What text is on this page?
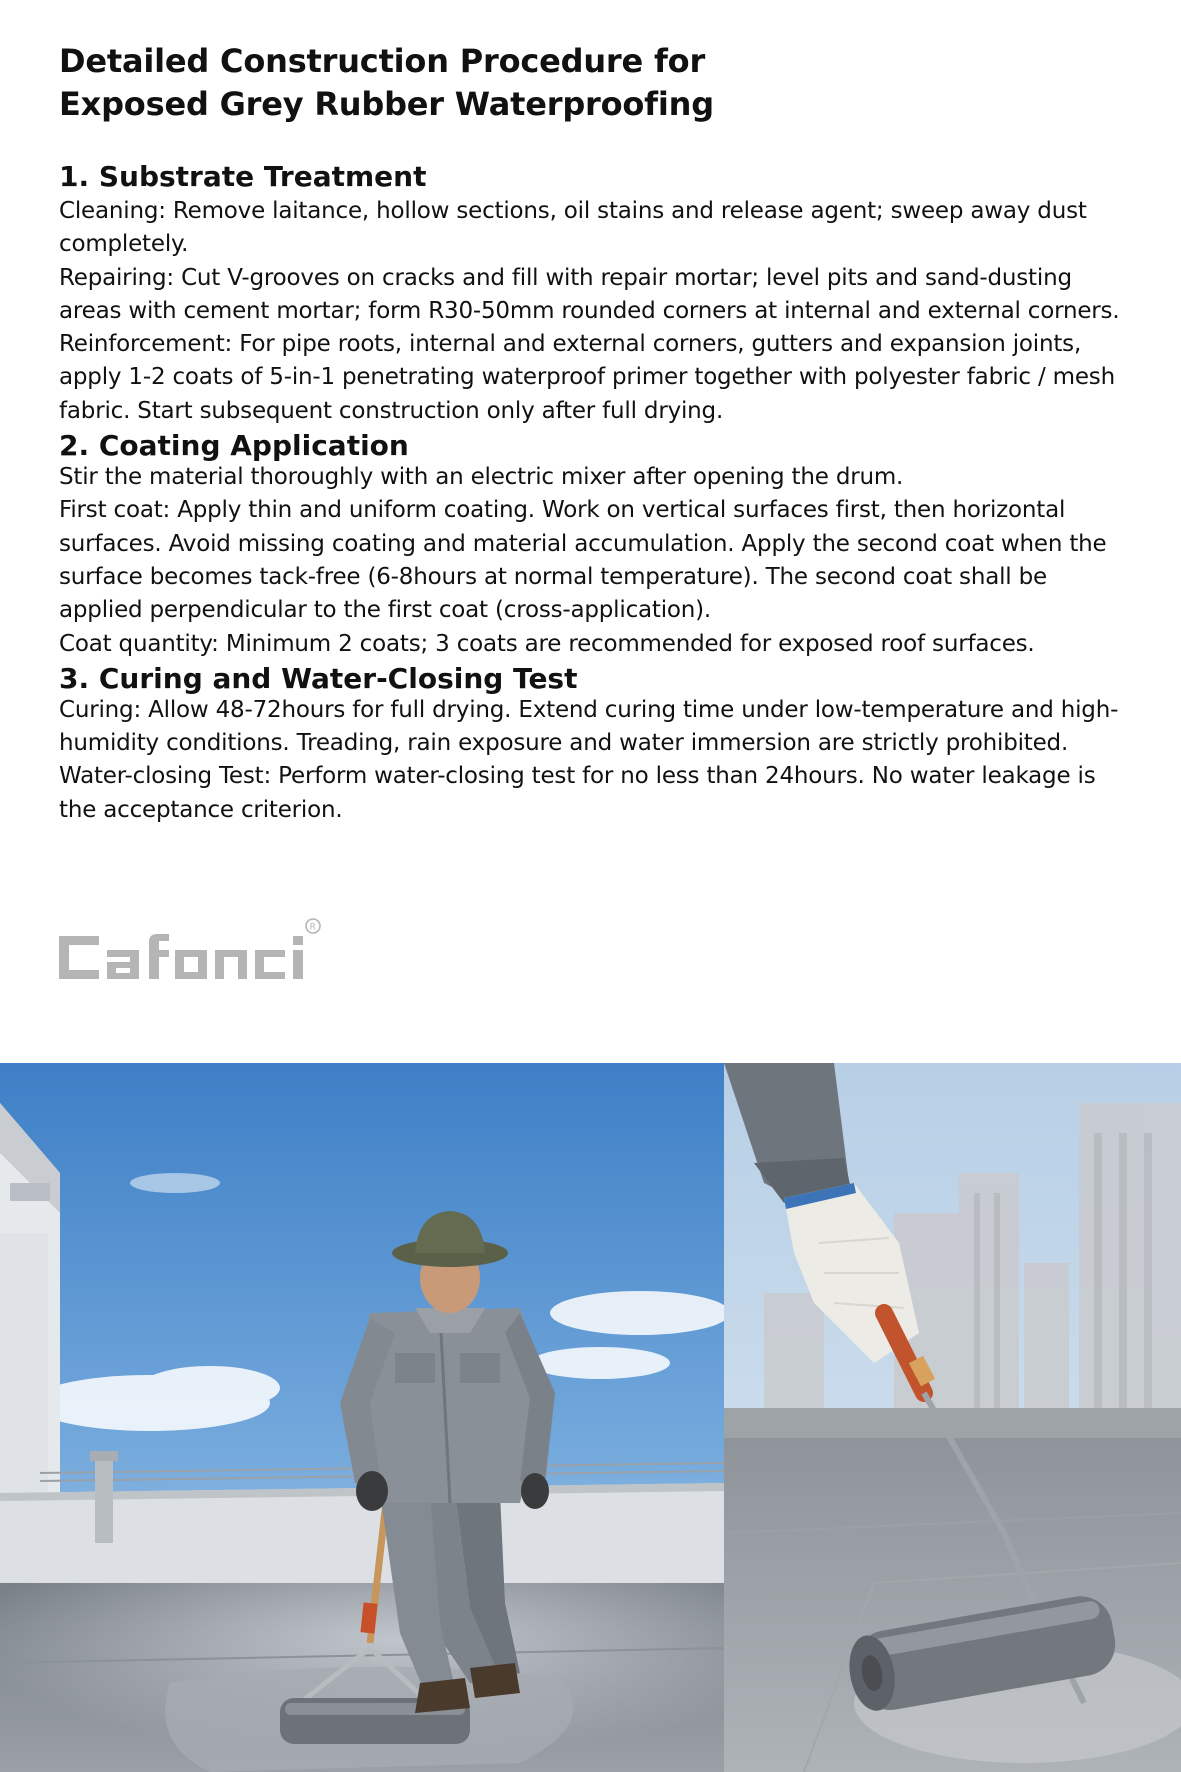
Detailed Construction Procedure for
Exposed Grey Rubber Waterproofing
1. Substrate Treatment

Cleaning: Remove laitance, hollow sections, oil stains and release agent; sweep away dust completely.

Repairing: Cut V-grooves on cracks and fill with repair mortar; level pits and sand-dusting areas with cement mortar; form R30-50mm rounded corners at internal and external corners.

Reinforcement: For pipe roots, internal and external corners, gutters and expansion joints, apply 1-2 coats of 5-in-1 penetrating waterproof primer together with polyester fabric / mesh fabric. Start subsequent construction only after full drying.

2. Coating Application

Stir the material thoroughly with an electric mixer after opening the drum.

First coat: Apply thin and uniform coating. Work on vertical surfaces first, then horizontal surfaces. Avoid missing coating and material accumulation. Apply the second coat when the surface becomes tack-free (6-8hours at normal temperature). The second coat shall be applied perpendicular to the first coat (cross-application).

Coat quantity: Minimum 2 coats; 3 coats are recommended for exposed roof surfaces.

3. Curing and Water-Closing Test

Curing: Allow 48-72hours for full drying. Extend curing time under low-temperature and high-humidity conditions. Treading, rain exposure and water immersion are strictly prohibited.

Water-closing Test: Perform water-closing test for no less than 24hours. No water leakage is the acceptance criterion.

R
